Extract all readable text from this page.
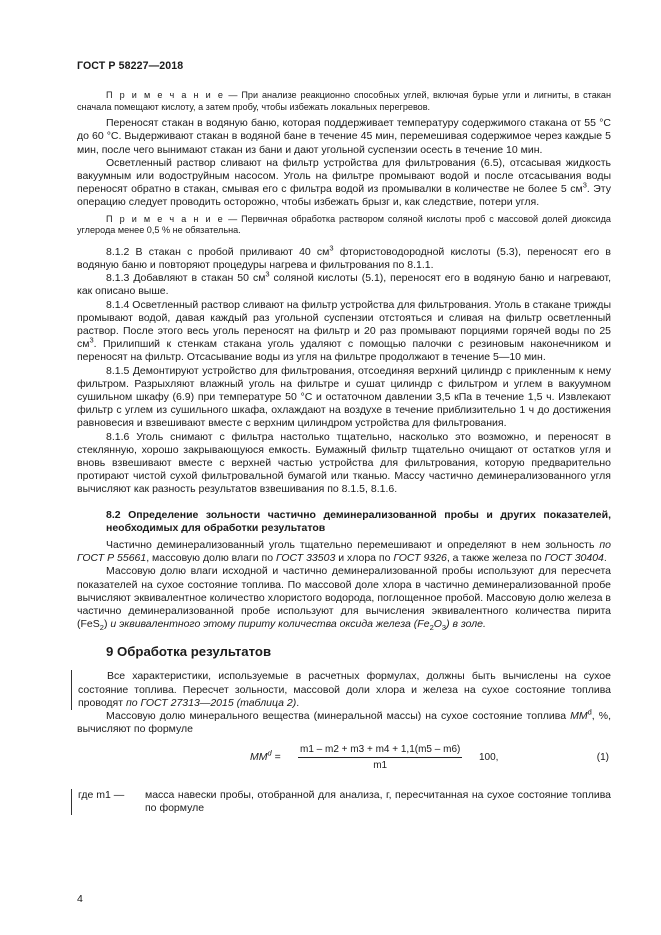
ГОСТ Р 58227—2018

П р и м е ч а н и е — При анализе реакционно способных углей, включая бурые угли и лигниты, в стакан сначала помещают кислоту, а затем пробу, чтобы избежать локальных перегревов.

Переносят стакан в водяную баню, которая поддерживает температуру содержимого стакана от 55 °С до 60 °С. Выдерживают стакан в водяной бане в течение 45 мин, перемешивая содержимое через каждые 5 мин, после чего вынимают стакан из бани и дают угольной суспензии осесть в течение 10 мин.

Осветленный раствор сливают на фильтр устройства для фильтрования (6.5), отсасывая жидкость вакуумным или водоструйным насосом. Уголь на фильтре промывают водой и после отсасывания воды переносят обратно в стакан, смывая его с фильтра водой из промывалки в количестве не более 5 $см^3$. Эту операцию следует проводить осторожно, чтобы избежать брызг и, как следствие, потери угля.

П р и м е ч а н и е — Первичная обработка раствором соляной кислоты проб с массовой долей диоксида углерода менее 0,5 % не обязательна.

8.1.2 В стакан с пробой приливают 40 $см^3$ фтористоводородной кислоты (5.3), переносят его в водяную баню и повторяют процедуры нагрева и фильтрования по 8.1.1.

8.1.3 Добавляют в стакан 50 $см^3$ соляной кислоты (5.1), переносят его в водяную баню и нагревают, как описано выше.

8.1.4 Осветленный раствор сливают на фильтр устройства для фильтрования. Уголь в стакане трижды промывают водой, давая каждый раз угольной суспензии отстояться и сливая на фильтр осветленный раствор. После этого весь уголь переносят на фильтр и 20 раз промывают порциями горячей воды по 25 $см^3$. Прилипший к стенкам стакана уголь удаляют с помощью палочки с резиновым наконечником и переносят на фильтр. Отсасывание воды из угля на фильтре продолжают в течение 5—10 мин.

8.1.5 Демонтируют устройство для фильтрования, отсоединяя верхний цилиндр с прикленным к нему фильтром. Разрыхляют влажный уголь на фильтре и сушат цилиндр с фильтром и углем в вакуумном сушильном шкафу (6.9) при температуре 50 °С и остаточном давлении 3,5 кПа в течение 1,5 ч. Извлекают фильтр с углем из сушильного шкафа, охлаждают на воздухе в течение приблизительно 1 ч до достижения равновесия и взвешивают вместе с верхним цилиндром устройства для фильтрования.

8.1.6 Уголь снимают с фильтра настолько тщательно, насколько это возможно, и переносят в стеклянную, хорошо закрывающуюся емкость. Бумажный фильтр тщательно очищают от остатков угля и вновь взвешивают вместе с верхней частью устройства для фильтрования, которую предварительно протирают чистой сухой фильтровальной бумагой или тканью. Массу частично деминерализованного угля вычисляют как разность результатов взвешивания по 8.1.5, 8.1.6.

8.2 Определение зольности частично деминерализованной пробы и других показателей, необходимых для обработки результатов

Частично деминерализованный уголь тщательно перемешивают и определяют в нем зольность по ГОСТ Р 55661, массовую долю влаги по ГОСТ 33503 и хлора по ГОСТ 9326, а также железа по ГОСТ 30404.

Массовую долю влаги исходной и частично деминерализованной пробы используют для пересчета показателей на сухое состояние топлива. По массовой доле хлора в частично деминерализованной пробе вычисляют эквивалентное количество хлористого водорода, поглощенное пробой. Массовую долю железа в частично деминерализованной пробе используют для вычисления эквивалентного количества пирита (FeS$_2$) и эквивалентного этому пириту количества оксида железа $(Fe_2O_3)$ в золе.

9 Обработка результатов

Все характеристики, используемые в расчетных формулах, должны быть вычислены на сухое состояние топлива. Пересчет зольности, массовой доли хлора и железа на сухое состояние топлива проводят по ГОСТ 27313—2015 (таблица 2).

Массовую долю минерального вещества (минеральной массы) на сухое состояние топлива $ММ^d$, %, вычисляют по формуле

$ММ^d = \frac{m1 - m2 + m3 + m4 + 1,1(m5 - m6)}{m1} 100$,	(1)
где m1 — масса навески пробы, отобранной для анализа, г, пересчитанная на сухое состояние топлива по формуле

4
